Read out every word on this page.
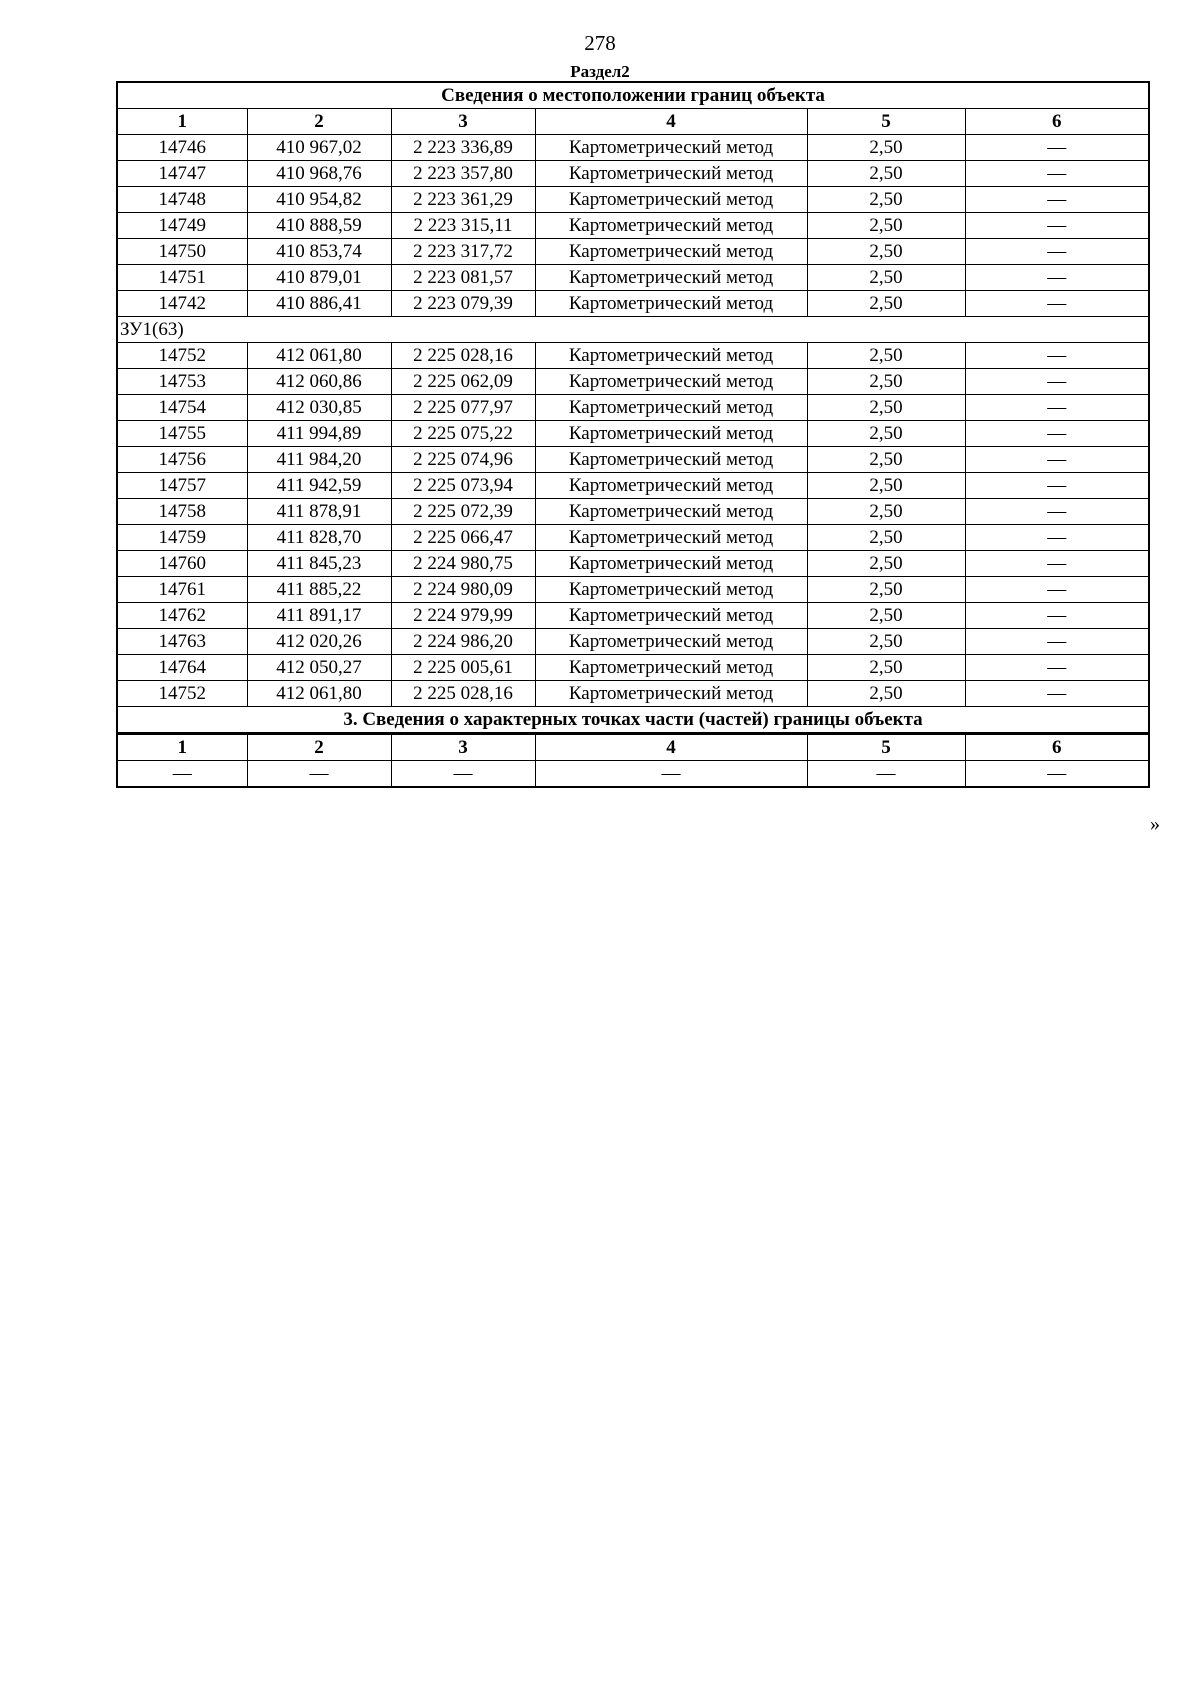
278
Раздел2
Сведения о местоположении границ объекта					
1	2	3	4	5	6
14746	410 967,02	2 223 336,89	Картометрический метод	2,50	—
14747	410 968,76	2 223 357,80	Картометрический метод	2,50	—
14748	410 954,82	2 223 361,29	Картометрический метод	2,50	—
14749	410 888,59	2 223 315,11	Картометрический метод	2,50	—
14750	410 853,74	2 223 317,72	Картометрический метод	2,50	—
14751	410 879,01	2 223 081,57	Картометрический метод	2,50	—
14742	410 886,41	2 223 079,39	Картометрический метод	2,50	—
ЗУ1(63)					
14752	412 061,80	2 225 028,16	Картометрический метод	2,50	—
14753	412 060,86	2 225 062,09	Картометрический метод	2,50	—
14754	412 030,85	2 225 077,97	Картометрический метод	2,50	—
14755	411 994,89	2 225 075,22	Картометрический метод	2,50	—
14756	411 984,20	2 225 074,96	Картометрический метод	2,50	—
14757	411 942,59	2 225 073,94	Картометрический метод	2,50	—
14758	411 878,91	2 225 072,39	Картометрический метод	2,50	—
14759	411 828,70	2 225 066,47	Картометрический метод	2,50	—
14760	411 845,23	2 224 980,75	Картометрический метод	2,50	—
14761	411 885,22	2 224 980,09	Картометрический метод	2,50	—
14762	411 891,17	2 224 979,99	Картометрический метод	2,50	—
14763	412 020,26	2 224 986,20	Картометрический метод	2,50	—
14764	412 050,27	2 225 005,61	Картометрический метод	2,50	—
14752	412 061,80	2 225 028,16	Картометрический метод	2,50	—
3. Сведения о характерных точках части (частей) границы объекта					
1	2	3	4	5	6
—	—	—	—	—	—
»
